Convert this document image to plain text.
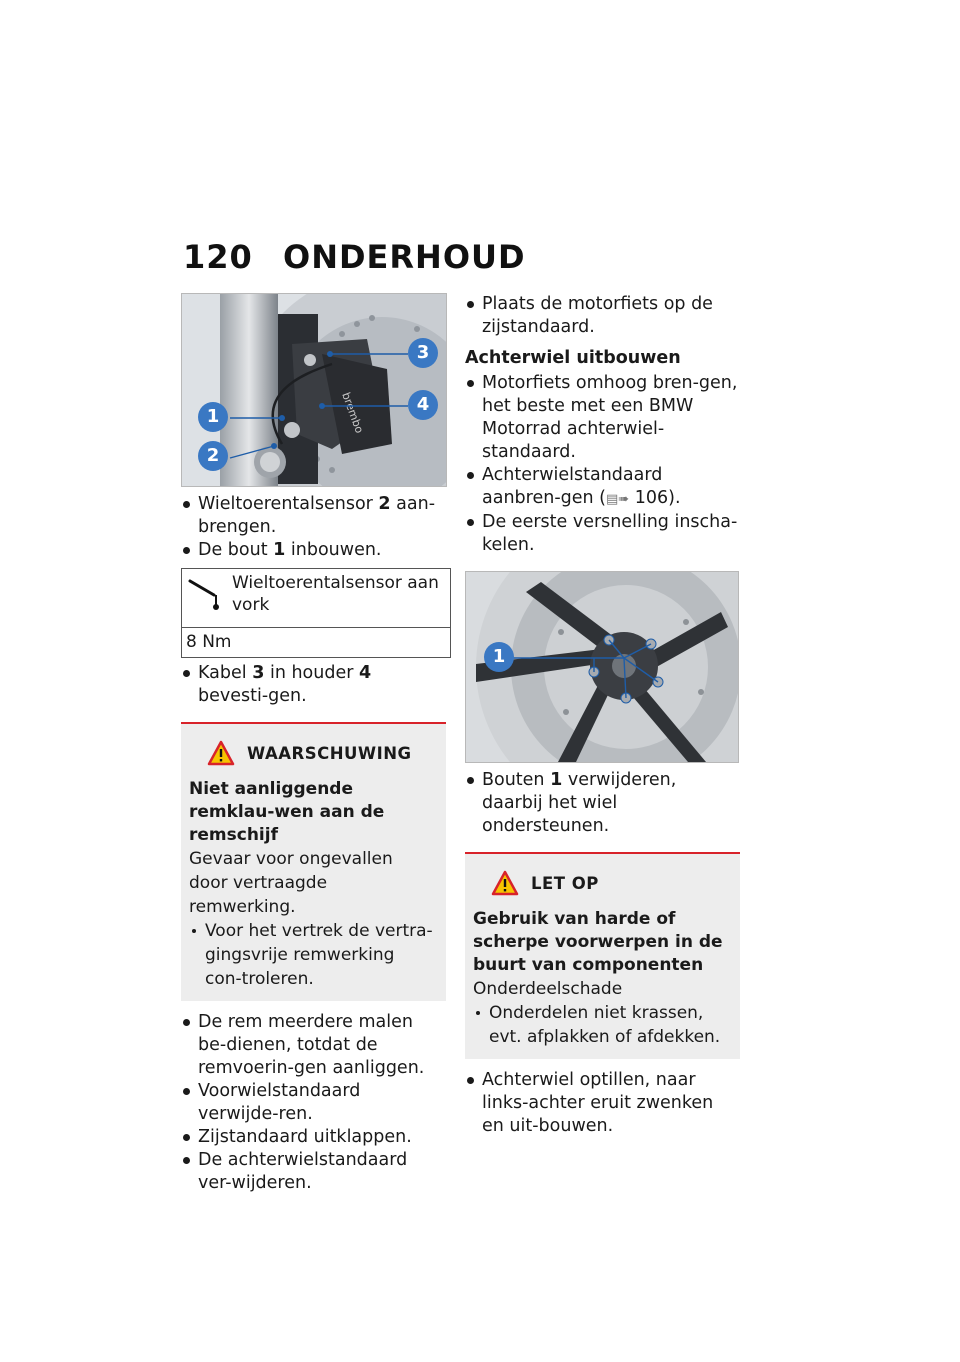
120 ONDERHOUD
brembo
1
2
3
4
Wieltoerentalsensor 2 aan-brengen.
De bout 1 inbouwen.
Wieltoerentalsensor aan vork
8 Nm
Kabel 3 in houder 4 bevesti-gen.
WAARSCHUWING
Niet aanliggende remklau-wen aan de remschijf
Gevaar voor ongevallen door vertraagde remwerking.
Voor het vertrek de vertra-gingsvrije remwerking con-troleren.
De rem meerdere malen be-dienen, totdat de remvoerin-gen aanliggen.
Voorwielstandaard verwijde-ren.
Zijstandaard uitklappen.
De achterwielstandaard ver-wijderen.
Plaats de motorfiets op de zijstandaard.
Achterwiel uitbouwen
Motorfiets omhoog bren-gen, het beste met een BMW Motorrad achterwiel-standaard.
Achterwielstandaard aanbren-gen (▤➠ 106).
De eerste versnelling inscha-kelen.
1
Bouten 1 verwijderen, daarbij het wiel ondersteunen.
LET OP
Gebruik van harde of scherpe voorwerpen in de buurt van componenten
Onderdeelschade
Onderdelen niet krassen, evt. afplakken of afdekken.
Achterwiel optillen, naar links-achter eruit zwenken en uit-bouwen.
